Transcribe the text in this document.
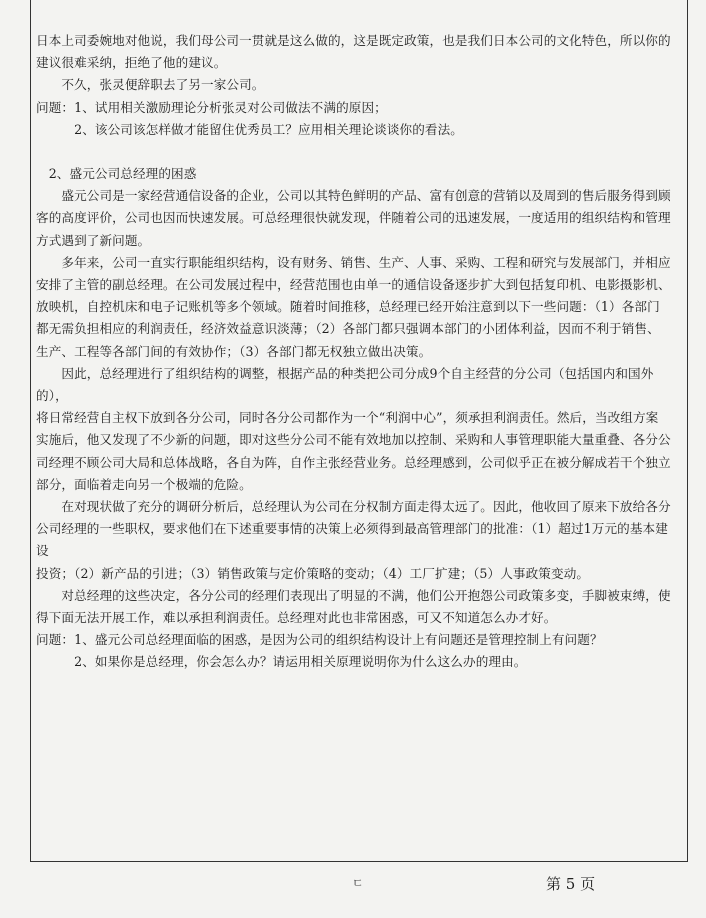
日本上司委婉地对他说，我们母公司一贯就是这么做的，这是既定政策，也是我们日本公司的文化特色，所以你的

建议很难采纳，拒绝了他的建议。

　　不久，张灵便辞职去了另一家公司。

问题：1、试用相关激励理论分析张灵对公司做法不满的原因；

　　　2、该公司该怎样做才能留住优秀员工？应用相关理论谈谈你的看法。

　2、盛元公司总经理的困惑

　　盛元公司是一家经营通信设备的企业，公司以其特色鲜明的产品、富有创意的营销以及周到的售后服务得到顾

客的高度评价，公司也因而快速发展。可总经理很快就发现，伴随着公司的迅速发展，一度适用的组织结构和管理

方式遇到了新问题。

　　多年来，公司一直实行职能组织结构，设有财务、销售、生产、人事、采购、工程和研究与发展部门，并相应

安排了主管的副总经理。在公司发展过程中，经营范围也由单一的通信设备逐步扩大到包括复印机、电影摄影机、

放映机，自控机床和电子记账机等多个领域。随着时间推移，总经理已经开始注意到以下一些问题：（1）各部门

都无需负担相应的利润责任，经济效益意识淡薄；（2）各部门都只强调本部门的小团体利益，因而不利于销售、

生产、工程等各部门间的有效协作；（3）各部门都无权独立做出决策。

　　因此，总经理进行了组织结构的调整，根据产品的种类把公司分成9个自主经营的分公司（包括国内和国外的），

将日常经营自主权下放到各分公司，同时各分公司都作为一个“利润中心”，须承担利润责任。然后，当改组方案

实施后，他又发现了不少新的问题，即对这些分公司不能有效地加以控制、采购和人事管理职能大量重叠、各分公

司经理不顾公司大局和总体战略，各自为阵，自作主张经营业务。总经理感到，公司似乎正在被分解成若干个独立

部分，面临着走向另一个极端的危险。

　　在对现状做了充分的调研分析后，总经理认为公司在分权制方面走得太远了。因此，他收回了原来下放给各分

公司经理的一些职权，要求他们在下述重要事情的决策上必须得到最高管理部门的批准：（1）超过1万元的基本建设

投资；（2）新产品的引进；（3）销售政策与定价策略的变动；（4）工厂扩建；（5）人事政策变动。

　　对总经理的这些决定，各分公司的经理们表现出了明显的不满，他们公开抱怨公司政策多变，手脚被束缚，使

得下面无法开展工作，难以承担利润责任。总经理对此也非常困惑，可又不知道怎么办才好。

问题：1、盛元公司总经理面临的困惑，是因为公司的组织结构设计上有问题还是管理控制上有问题？

　　　2、如果你是总经理，你会怎么办？请运用相关原理说明你为什么这么办的理由。

ㄷ	第 5 页
